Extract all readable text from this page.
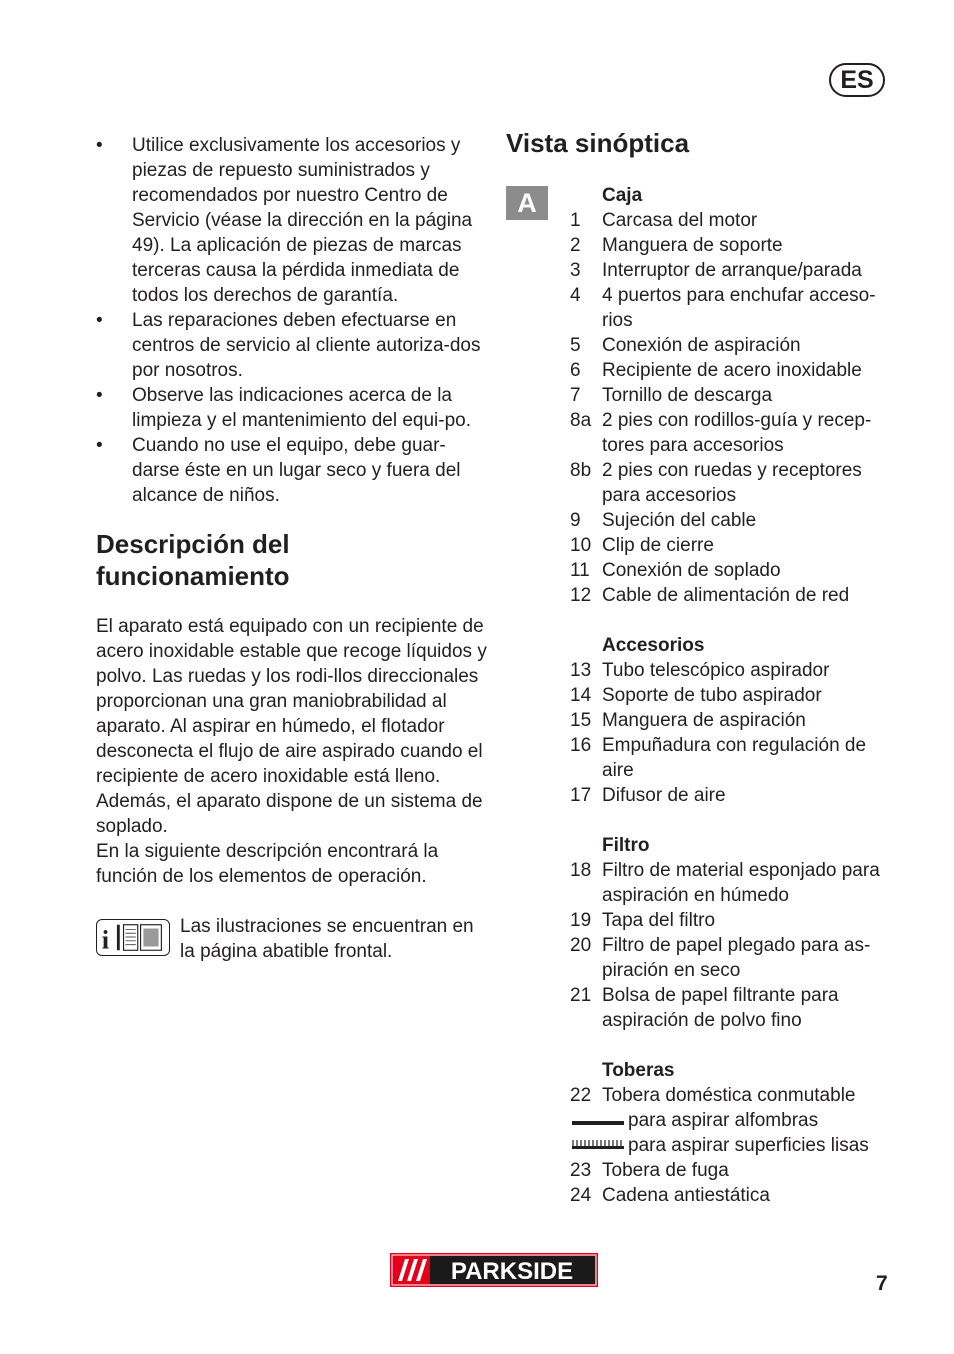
ES
• Utilice exclusivamente los accesorios y piezas de repuesto suministrados y recomendados por nuestro Centro de Servicio (véase la dirección en la página 49). La aplicación de piezas de marcas terceras causa la pérdida inmediata de todos los derechos de garantía.
• Las reparaciones deben efectuarse en centros de servicio al cliente autoriza-dos por nosotros.
• Observe las indicaciones acerca de la limpieza y el mantenimiento del equi-po.
• Cuando no use el equipo, debe guar-darse éste en un lugar seco y fuera del alcance de niños.
Descripción del
funcionamiento

El aparato está equipado con un recipiente de acero inoxidable estable que recoge líquidos y polvo. Las ruedas y los rodi-llos direccionales proporcionan una gran maniobrabilidad al aparato. Al aspirar en húmedo, el flotador desconecta el flujo de aire aspirado cuando el recipiente de acero inoxidable está lleno. Además, el aparato dispone de un sistema de soplado.
En la siguiente descripción encontrará la función de los elementos de operación.

i	Las ilustraciones se encuentran en la página abatible frontal.

Vista sinóptica
A	Caja
1	Carcasa del motor
2	Manguera de soporte
3	Interruptor de arranque/parada
4	4 puertos para enchufar acceso-rios
5	Conexión de aspiración
6	Recipiente de acero inoxidable
7	Tornillo de descarga
8a 2 pies con rodillos-guía y recep-tores para accesorios
8b 2 pies con ruedas y receptores para accesorios
9	Sujeción del cable
10 Clip de cierre
11 Conexión de soplado
12 Cable de alimentación de red
Accesorios
13 Tubo telescópico aspirador
14 Soporte de tubo aspirador
15 Manguera de aspiración
16 Empuñadura con regulación de aire
17 Difusor de aire
Filtro
18 Filtro de material esponjado para aspiración en húmedo
19 Tapa del filtro
20 Filtro de papel plegado para as-piración en seco
21 Bolsa de papel filtrante para aspiración de polvo fino
Toberas
22 Tobera doméstica conmutable
para aspirar alfombras
para aspirar superficies lisas
23 Tobera de fuga
24 Cadena antiestática
PARKSIDE	7
